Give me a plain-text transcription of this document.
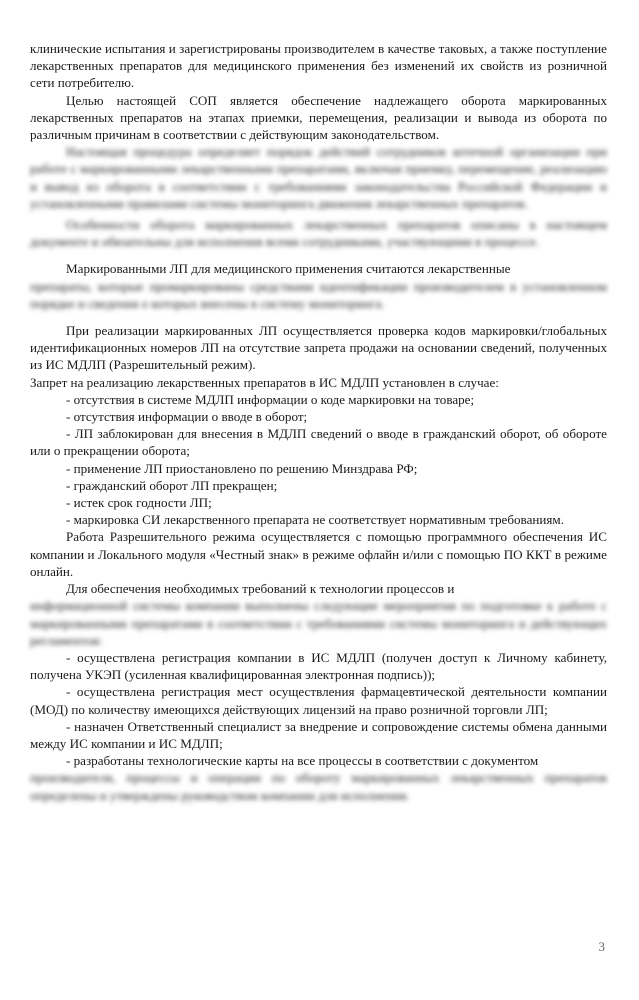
клинические испытания и зарегистрированы производителем в качестве таковых, а также поступление лекарственных препаратов для медицинского применения без изменений их свойств из розничной сети потребителю.

Целью настоящей СОП является обеспечение надлежащего оборота маркированных лекарственных препаратов на этапах приемки, перемещения, реализации и вывода из оборота по различным причинам в соответствии с действующим законодательством.

Настоящая процедура определяет порядок действий сотрудников аптечной организации при работе с маркированными лекарственными препаратами, включая приемку, перемещение, реализацию и вывод из оборота в соответствии с требованиями законодательства Российской Федерации и установленными правилами системы мониторинга движения лекарственных препаратов.

Особенности оборота маркированных лекарственных препаратов описаны в настоящем документе и обязательны для исполнения всеми сотрудниками, участвующими в процессе.

Маркированными ЛП для медицинского применения считаются лекарственные

препараты, которые промаркированы средствами идентификации производителем в установленном порядке и сведения о которых внесены в систему мониторинга.

При реализации маркированных ЛП осуществляется проверка кодов маркировки/глобальных идентификационных номеров ЛП на отсутствие запрета продажи на основании сведений, полученных из ИС МДЛП (Разрешительный режим).

Запрет на реализацию лекарственных препаратов в ИС МДЛП установлен в случае:

- отсутствия в системе МДЛП информации о коде маркировки на товаре;

- отсутствия информации о вводе в оборот;

- ЛП заблокирован для внесения в МДЛП сведений о вводе в гражданский оборот, об обороте или о прекращении оборота;

- применение ЛП приостановлено по решению Минздрава РФ;

- гражданский оборот ЛП прекращен;

- истек срок годности ЛП;

- маркировка СИ лекарственного препарата не соответствует нормативным требованиям.

Работа Разрешительного режима осуществляется с помощью программного обеспечения ИС компании и Локального модуля «Честный знак» в режиме офлайн и/или с помощью ПО ККТ в режиме онлайн.

Для обеспечения необходимых требований к технологии процессов и

информационной системы компании выполнены следующие мероприятия по подготовке к работе с маркированными препаратами в соответствии с требованиями системы мониторинга и действующих регламентов:

- осуществлена регистрация компании в ИС МДЛП (получен доступ к Личному кабинету, получена УКЭП (усиленная квалифицированная электронная подпись));

- осуществлена регистрация мест осуществления фармацевтической деятельности компании (МОД) по количеству имеющихся действующих лицензий на право розничной торговли ЛП;

- назначен Ответственный специалист за внедрение и сопровождение системы обмена данными между ИС компании и ИС МДЛП;

- разработаны технологические карты на все процессы в соответствии с документом

производителя, процессы и операции по обороту маркированных лекарственных препаратов определены и утверждены руководством компании для исполнения.

3
